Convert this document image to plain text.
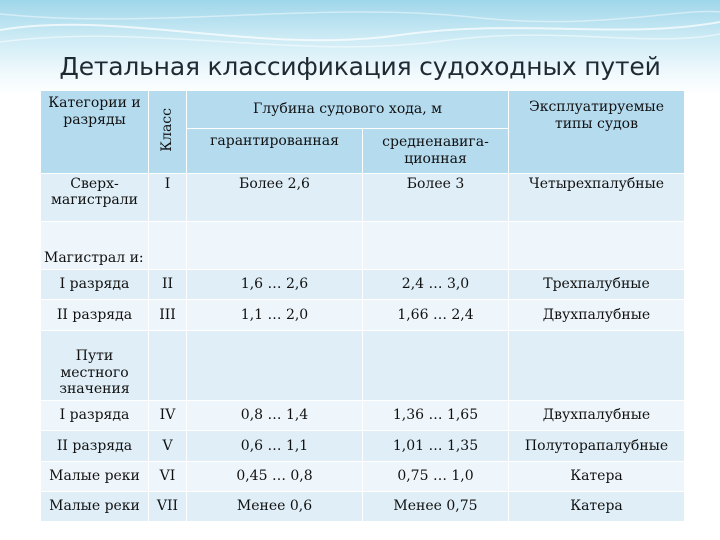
Детальная классификация судоходных путей
Категории и разряды	Класс	Глубина судового хода, м		Эксплуатируемые типы судов
		гарантированная	средненавига-ционная	
Сверх-магистрали	I	Более 2,6	Более 3	Четырехпалубные
Магистрал и:				
I разряда	II	1,6 … 2,6	2,4 … 3,0	Трехпалубные
II разряда	III	1,1 … 2,0	1,66 … 2,4	Двухпалубные
Пути местного значения				
I разряда	IV	0,8 … 1,4	1,36 … 1,65	Двухпалубные
II разряда	V	0,6 … 1,1	1,01 … 1,35	Полуторапалубные
Малые реки	VI	0,45 … 0,8	0,75 … 1,0	Катера
Малые реки	VII	Менее 0,6	Менее 0,75	Катера
